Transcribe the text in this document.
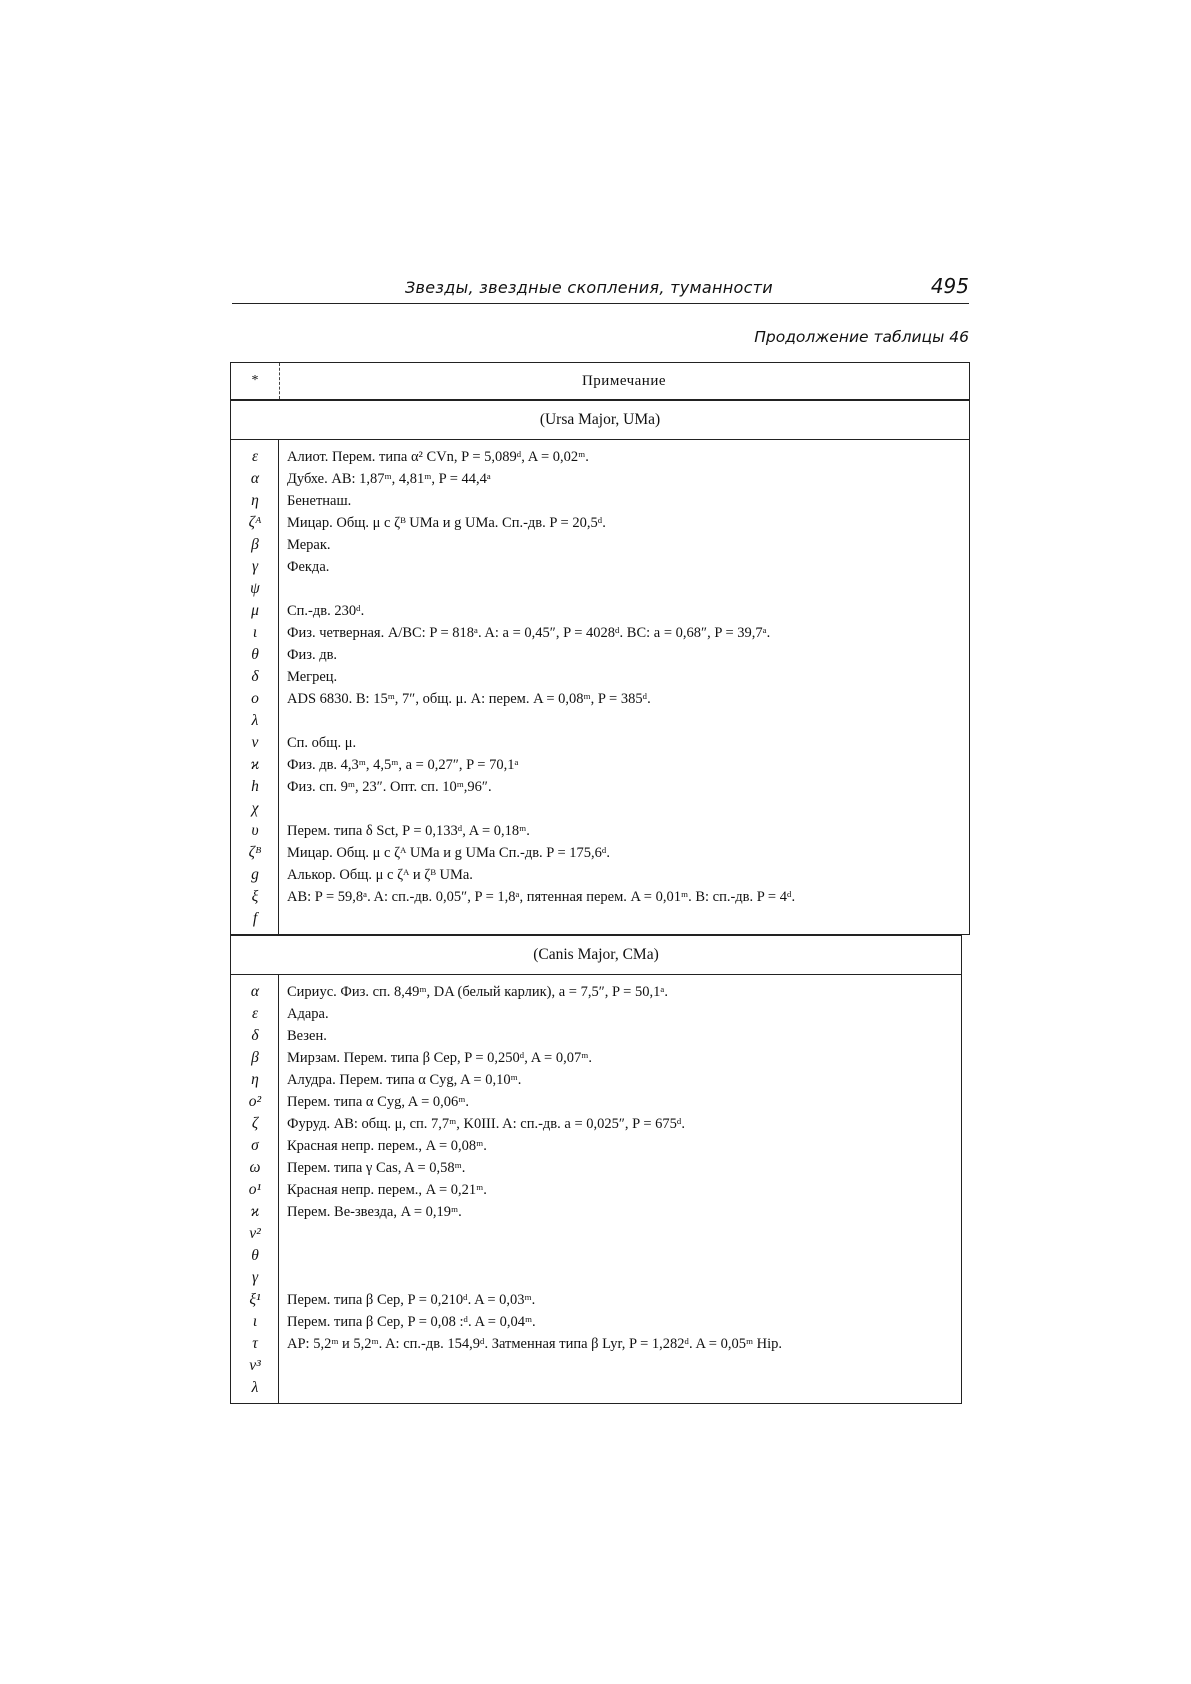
Звезды, звездные скопления, туманности	495
Продолжение таблицы 46
*	Примечание
(Ursa Major, UMa)
ε	Алиот. Перем. типа α² CVn, P = 5,089ᵈ, A = 0,02ᵐ.
α	Дубхе. AB: 1,87ᵐ, 4,81ᵐ, P = 44,4ᵃ
η	Бенетнаш.
ζᴬ	Мицар. Общ. μ с ζᴮ UMa и g UMa. Сп.-дв. P = 20,5ᵈ.
β	Мерак.
γ	Фекда.
ψ
μ	Сп.-дв. 230ᵈ.
ι	Физ. четверная. A/BC: P = 818ᵃ. A: a = 0,45″, P = 4028ᵈ. BC: a = 0,68″, P = 39,7ᵃ.
θ	Физ. дв.
δ	Мегрец.
o	ADS 6830. B: 15ᵐ, 7″, общ. μ. A: перем. A = 0,08ᵐ, P = 385ᵈ.
λ
ν	Сп. общ. μ.
ϰ	Физ. дв. 4,3ᵐ, 4,5ᵐ, a = 0,27″, P = 70,1ᵃ
h	Физ. сп. 9ᵐ, 23″. Опт. сп. 10ᵐ,96″.
χ
υ	Перем. типа δ Sct, P = 0,133ᵈ, A = 0,18ᵐ.
ζᴮ	Мицар. Общ. μ с ζᴬ UMa и g UMa Сп.-дв. P = 175,6ᵈ.
g	Алькор. Общ. μ с ζᴬ и ζᴮ UMa.
ξ	AB: P = 59,8ᵃ. A: сп.-дв. 0,05″, P = 1,8ᵃ, пятенная перем. A = 0,01ᵐ. B: сп.-дв. P = 4ᵈ.
f
(Canis Major, CMa)
α	Сириус. Физ. сп. 8,49ᵐ, DA (белый карлик), a = 7,5″, P = 50,1ᵃ.
ε	Адара.
δ	Везен.
β	Мирзам. Перем. типа β Cep, P = 0,250ᵈ, A = 0,07ᵐ.
η	Алудра. Перем. типа α Cyg, A = 0,10ᵐ.
o²	Перем. типа α Cyg, A = 0,06ᵐ.
ζ	Фуруд. AB: общ. μ, сп. 7,7ᵐ, K0III. A: сп.-дв. a = 0,025″, P = 675ᵈ.
σ	Красная непр. перем., A = 0,08ᵐ.
ω	Перем. типа γ Cas, A = 0,58ᵐ.
o¹	Красная непр. перем., A = 0,21ᵐ.
ϰ	Перем. Be-звезда, A = 0,19ᵐ.
ν²
θ
γ
ξ¹	Перем. типа β Cep, P = 0,210ᵈ. A = 0,03ᵐ.
ι	Перем. типа β Cep, P = 0,08 :ᵈ. A = 0,04ᵐ.
τ	AP: 5,2ᵐ и 5,2ᵐ. A: сп.-дв. 154,9ᵈ. Затменная типа β Lyr, P = 1,282ᵈ. A = 0,05ᵐ Hip.
ν³
λ
